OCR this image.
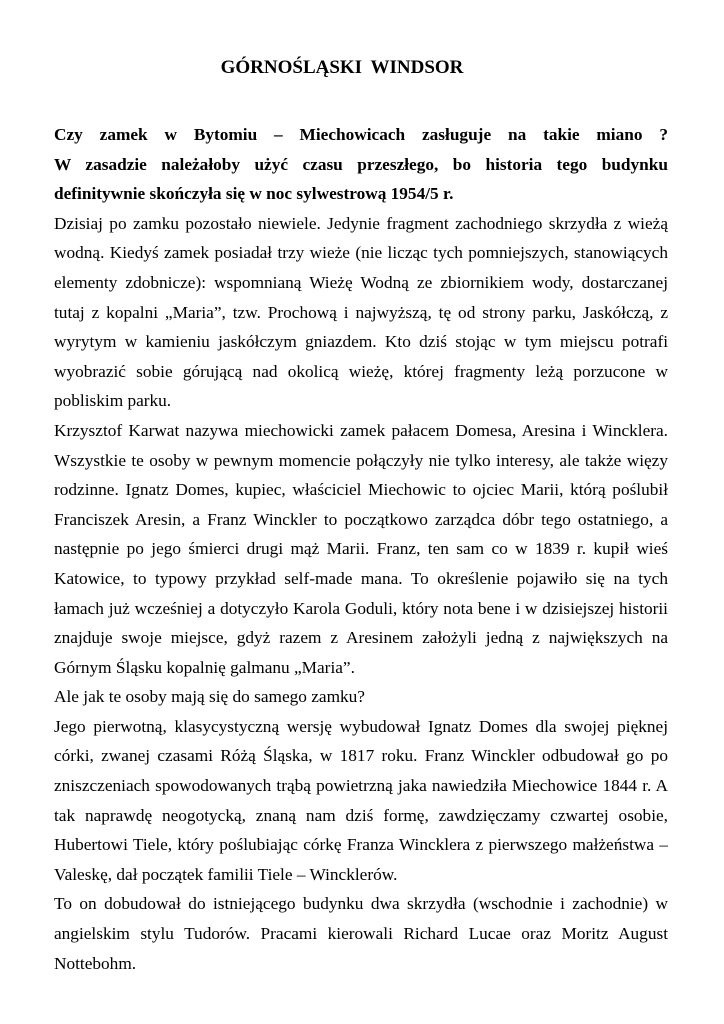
GÓRNOŚLĄSKI WINDSOR
Czy zamek w Bytomiu – Miechowicach zasługuje na takie miano ?
W zasadzie należałoby użyć czasu przeszłego, bo historia tego budynku
definitywnie skończyła się w noc sylwestrową 1954/5 r.
Dzisiaj po zamku pozostało niewiele. Jedynie fragment zachodniego skrzydła z wieżą
wodną. Kiedyś zamek posiadał trzy wieże (nie licząc tych pomniejszych, stanowiących
elementy zdobnicze): wspomnianą Wieżę Wodną ze zbiornikiem wody, dostarczanej
tutaj z kopalni „Maria”, tzw. Prochową i najwyższą, tę od strony parku, Jaskółczą, z
wyrytym w kamieniu jaskółczym gniazdem. Kto dziś stojąc w tym miejscu potrafi
wyobrazić sobie górującą nad okolicą wieżę, której fragmenty leżą porzucone w
pobliskim parku.
Krzysztof Karwat nazywa miechowicki zamek pałacem Domesa, Aresina i Wincklera.
Wszystkie te osoby w pewnym momencie połączyły nie tylko interesy, ale także więzy
rodzinne. Ignatz Domes, kupiec, właściciel Miechowic to ojciec Marii, którą poślubił
Franciszek Aresin, a Franz Winckler to początkowo zarządca dóbr tego ostatniego, a
następnie po jego śmierci drugi mąż Marii. Franz, ten sam co w 1839 r. kupił wieś
Katowice, to typowy przykład self-made mana. To określenie pojawiło się na tych
łamach już wcześniej a dotyczyło Karola Goduli, który nota bene i w dzisiejszej historii
znajduje swoje miejsce, gdyż razem z Aresinem założyli jedną z największych na
Górnym Śląsku kopalnię galmanu „Maria”.
Ale jak te osoby mają się do samego zamku?
Jego pierwotną, klasycystyczną wersję wybudował Ignatz Domes dla swojej pięknej
córki, zwanej czasami Różą Śląska, w 1817 roku. Franz Winckler odbudował go po
zniszczeniach spowodowanych trąbą powietrzną jaka nawiedziła Miechowice 1844 r. A
tak naprawdę neogotycką, znaną nam dziś formę, zawdzięczamy czwartej osobie,
Hubertowi Tiele, który poślubiając córkę Franza Wincklera z pierwszego małżeństwa –
Valeskę, dał początek familii Tiele – Wincklerów.
To on dobudował do istniejącego budynku dwa skrzydła (wschodnie i zachodnie) w
angielskim stylu Tudorów. Pracami kierowali Richard Lucae oraz Moritz August
Nottebohm.
